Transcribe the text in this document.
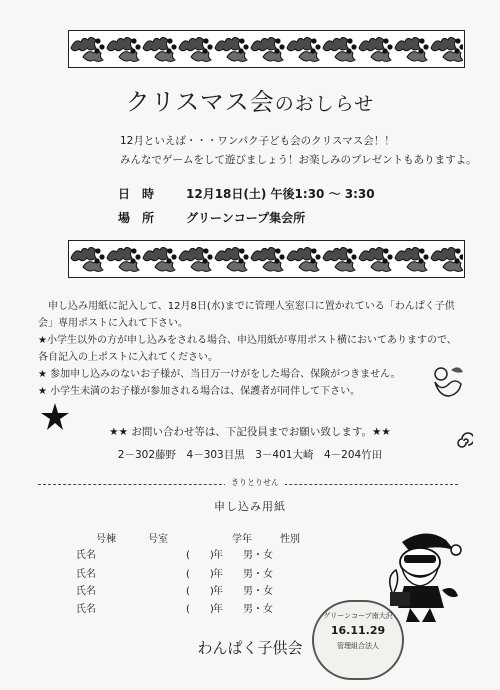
クリスマス会のおしらせ
12月といえば・・・ワンパク子ども会のクリスマス会！！
みんなでゲームをして遊びましょう！お楽しみのプレゼントもありますよ。
日　時	12月18日(土) 午後1:30 ～ 3:30
場　所	グリーンコープ集会所

　申し込み用紙に記入して、12月8日(水)までに管理人室窓口に置かれている「わんぱく子供会」専用ポストに入れて下さい。

★小学生以外の方が申し込みをされる場合、申込用紙が専用ポスト横においてありますので、各自記入の上ポストに入れてください。

★ 参加申し込みのないお子様が、当日万一けがをした場合、保険がつきません。

★ 小学生未満のお子様が参加される場合は、保護者が同伴して下さい。

★★ お問い合わせ等は、下記役員までお願い致します。★★
2－302藤野　4－303目黒　3－401大崎　4－204竹田
きりとりせん
申し込み用紙
号棟	号室	学年	性別
氏名	(　　) 年 男・女
氏名	(　　) 年 男・女
氏名	(　　) 年 男・女
氏名	(　　) 年 男・女
わんぱく子供会
グリーンコープ南大沢
16.11.29
管理組合法人
